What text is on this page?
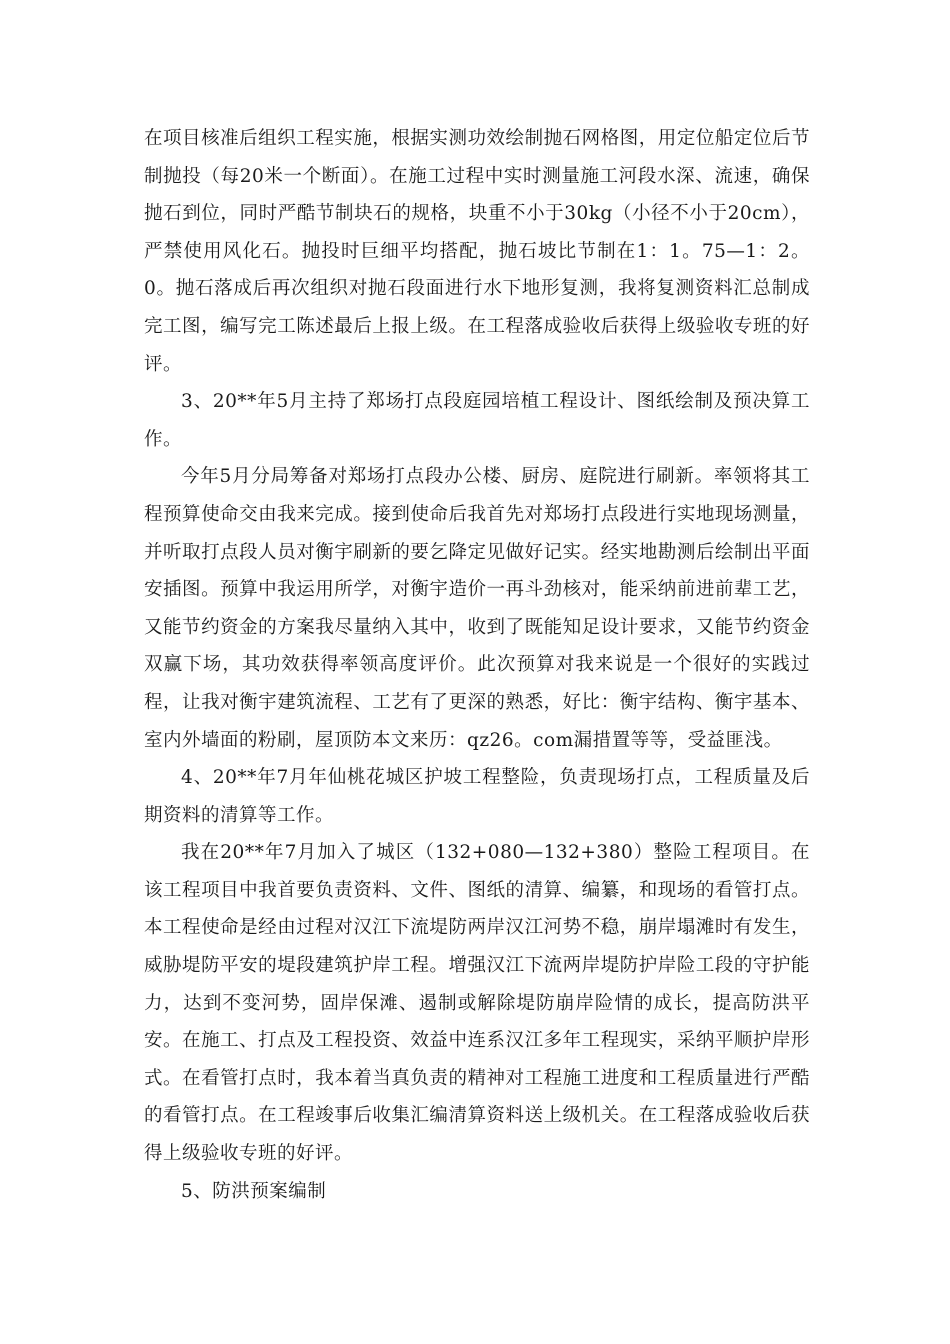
在项目核准后组织工程实施，根据实测功效绘制抛石网格图，用定位船定位后节制抛投（每20米一个断面）。在施工过程中实时测量施工河段水深、流速，确保抛石到位，同时严酷节制块石的规格，块重不小于30kg（小径不小于20cm），严禁使用风化石。抛投时巨细平均搭配，抛石坡比节制在1：1。75—1：2。0。抛石落成后再次组织对抛石段面进行水下地形复测，我将复测资料汇总制成完工图，编写完工陈述最后上报上级。在工程落成验收后获得上级验收专班的好评。

3、20**年5月主持了郑场打点段庭园培植工程设计、图纸绘制及预决算工作。

今年5月分局筹备对郑场打点段办公楼、厨房、庭院进行刷新。率领将其工程预算使命交由我来完成。接到使命后我首先对郑场打点段进行实地现场测量，并听取打点段人员对衡宇刷新的要乞降定见做好记实。经实地勘测后绘制出平面安插图。预算中我运用所学，对衡宇造价一再斗劲核对，能采纳前进前辈工艺，又能节约资金的方案我尽量纳入其中，收到了既能知足设计要求，又能节约资金双赢下场，其功效获得率领高度评价。此次预算对我来说是一个很好的实践过程，让我对衡宇建筑流程、工艺有了更深的熟悉，好比：衡宇结构、衡宇基本、室内外墙面的粉刷，屋顶防本文来历：qz26。com漏措置等等，受益匪浅。

4、20**年7月年仙桃花城区护坡工程整险，负责现场打点，工程质量及后期资料的清算等工作。

我在20**年7月加入了城区（132+080—132+380）整险工程项目。在该工程项目中我首要负责资料、文件、图纸的清算、编纂，和现场的看管打点。本工程使命是经由过程对汉江下流堤防两岸汉江河势不稳，崩岸塌滩时有发生，威胁堤防平安的堤段建筑护岸工程。增强汉江下流两岸堤防护岸险工段的守护能力，达到不变河势，固岸保滩、遏制或解除堤防崩岸险情的成长，提高防洪平安。在施工、打点及工程投资、效益中连系汉江多年工程现实，采纳平顺护岸形式。在看管打点时，我本着当真负责的精神对工程施工进度和工程质量进行严酷的看管打点。在工程竣事后收集汇编清算资料送上级机关。在工程落成验收后获得上级验收专班的好评。

5、防洪预案编制
